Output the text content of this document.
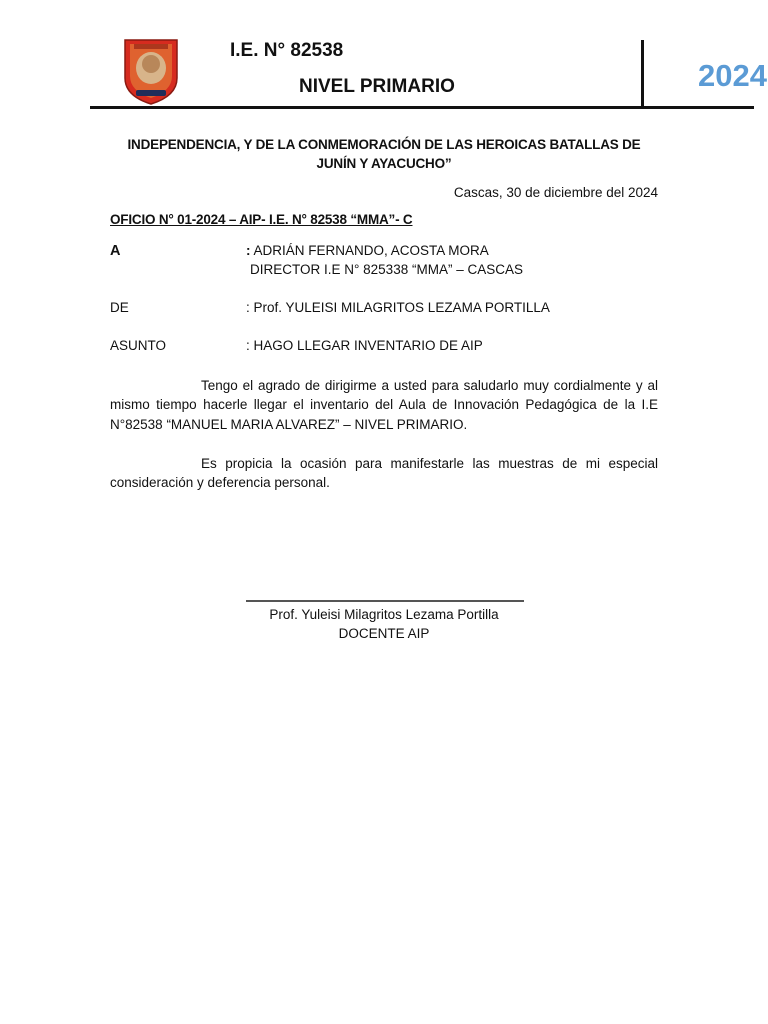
I.E. N° 82538
NIVEL PRIMARIO	2024
INDEPENDENCIA, Y DE LA CONMEMORACIÓN DE LAS HEROICAS BATALLAS DE JUNÍN Y AYACUCHO”
Cascas, 30 de diciembre del 2024
OFICIO N° 01-2024 – AIP- I.E. N° 82538 “MMA”- C
A	: ADRIÁN FERNANDO, ACOSTA MORA
DIRECTOR I.E N° 825338 “MMA” – CASCAS
DE	: Prof. YULEISI MILAGRITOS LEZAMA PORTILLA
ASUNTO	: HAGO LLEGAR INVENTARIO DE AIP
Tengo el agrado de dirigirme a usted para saludarlo muy cordialmente y al mismo tiempo hacerle llegar el inventario del Aula de Innovación Pedagógica de la I.E N°82538 “MANUEL MARIA ALVAREZ” – NIVEL PRIMARIO.
Es propicia la ocasión para manifestarle las muestras de mi especial consideración y deferencia personal.
Prof. Yuleisi Milagritos Lezama Portilla
DOCENTE AIP
